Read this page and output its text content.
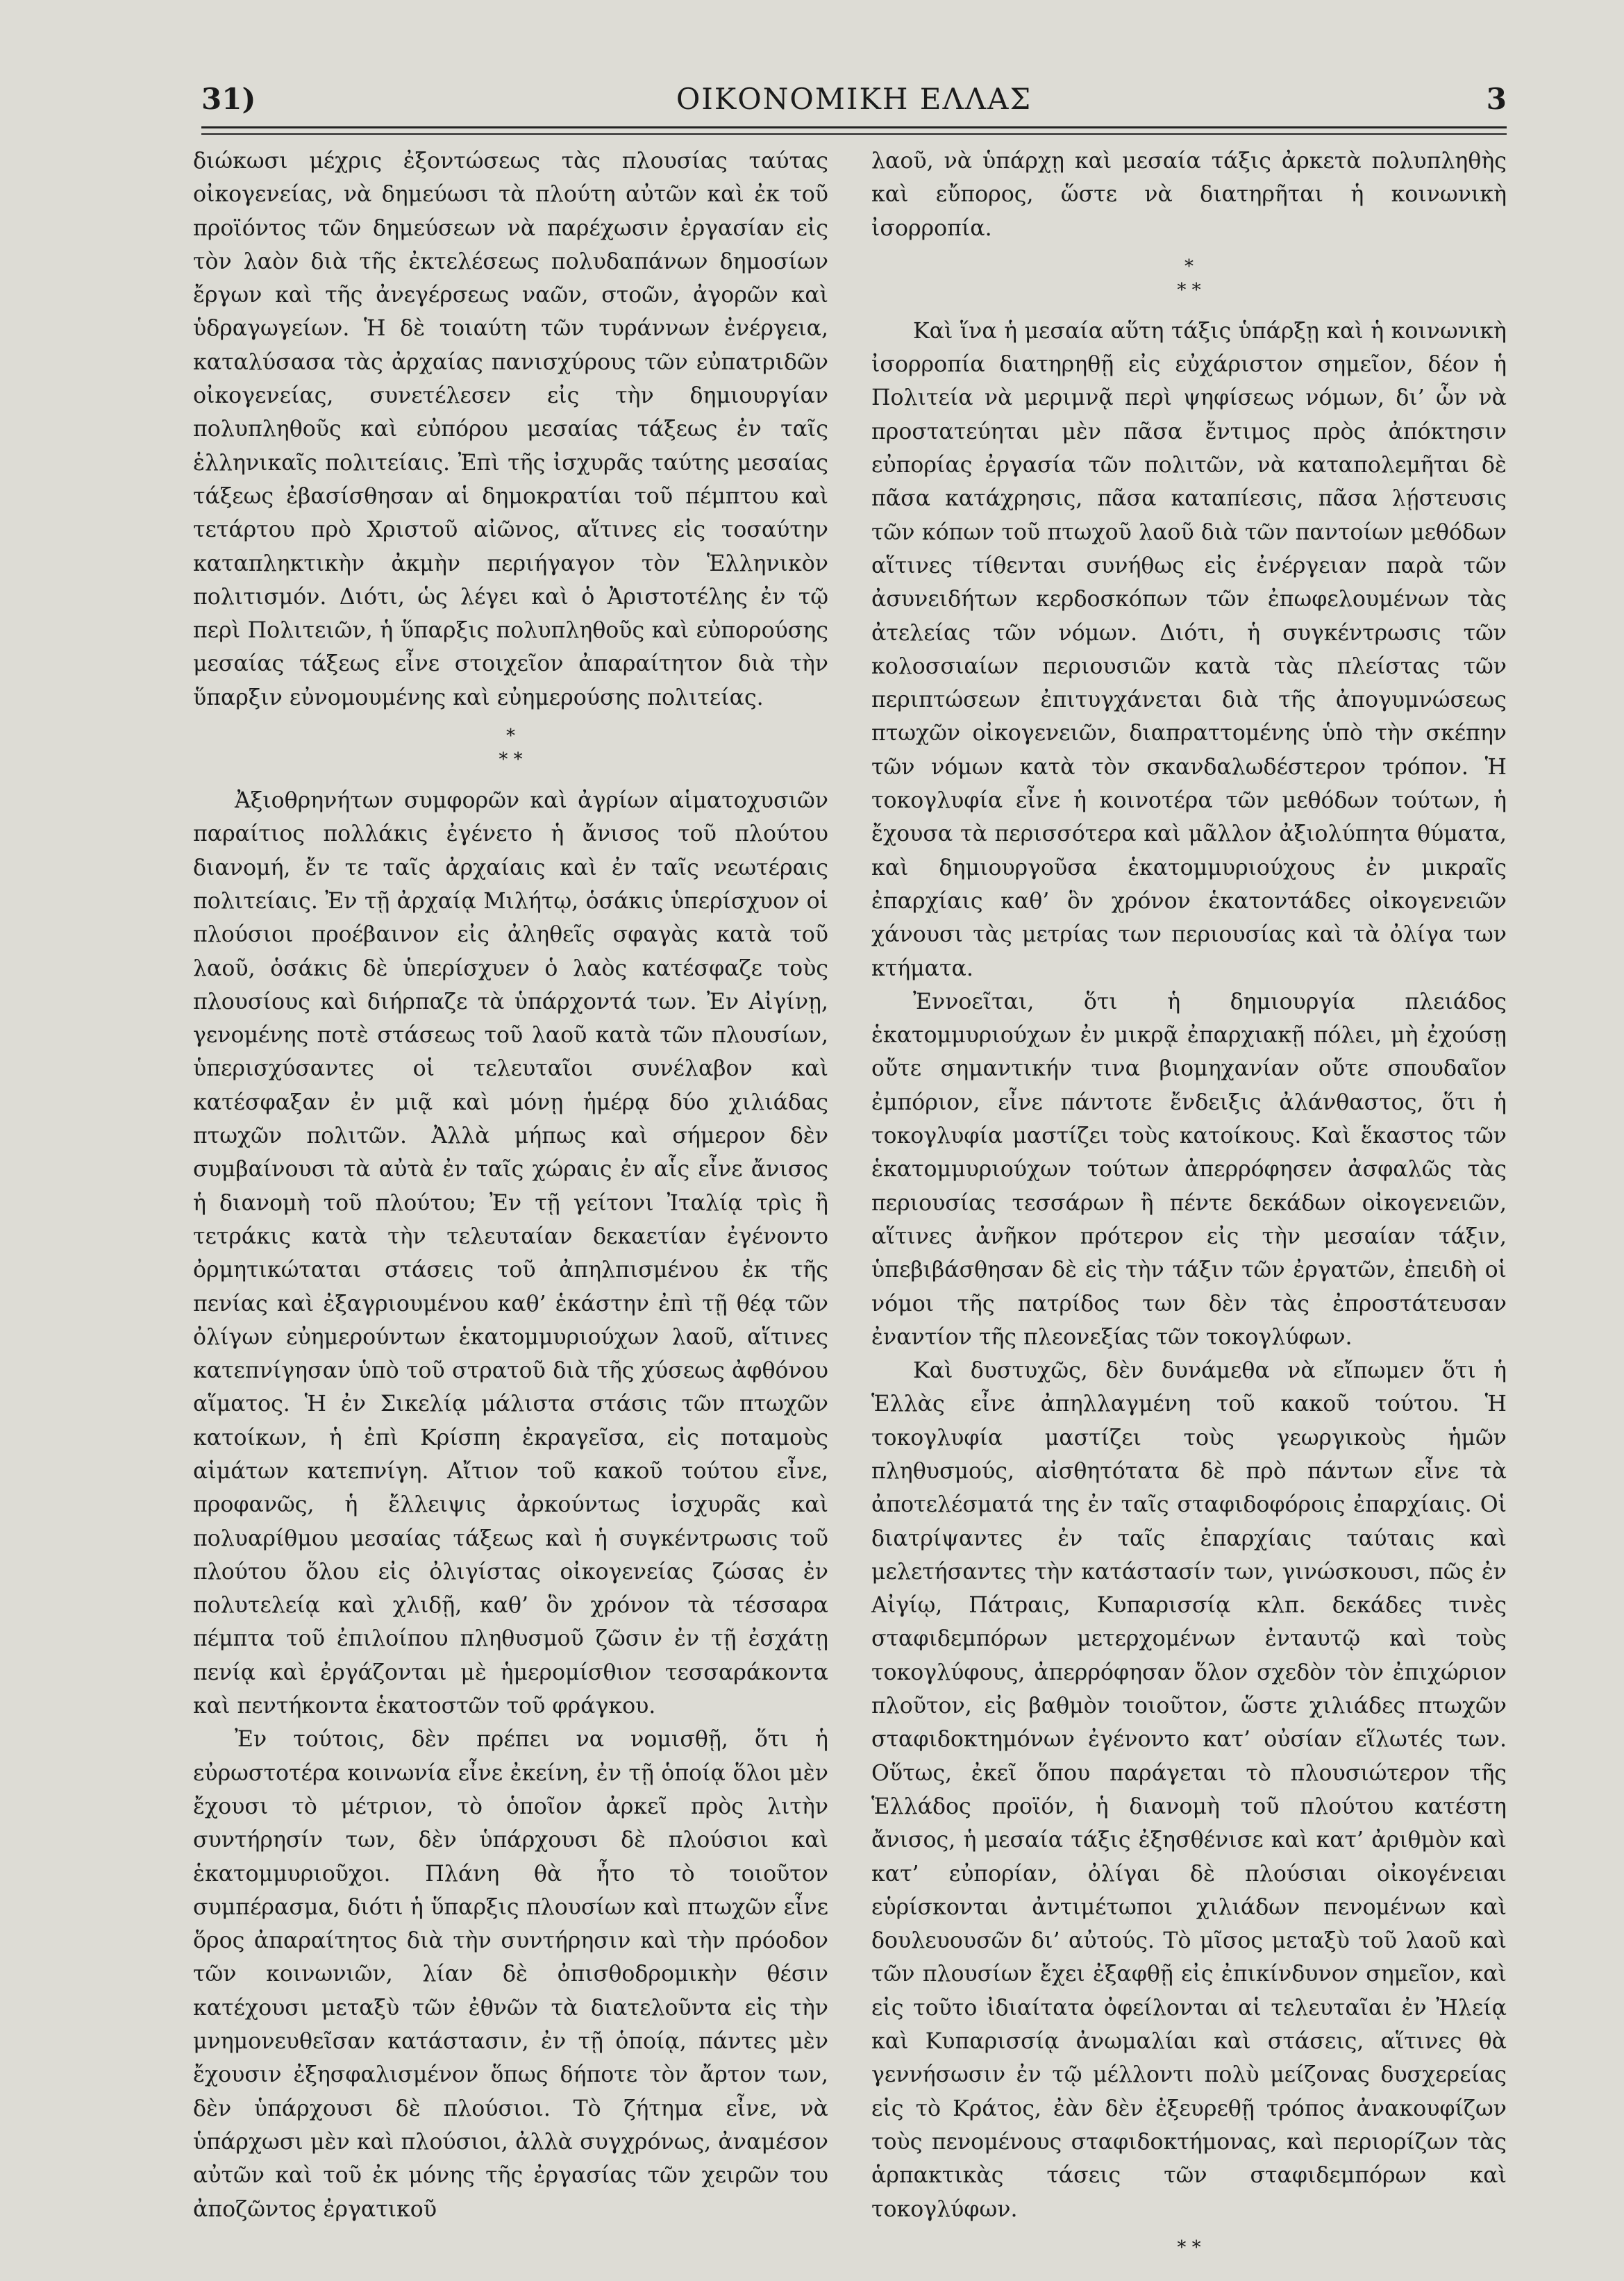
31)	ΟΙΚΟΝΟΜΙΚΗ ΕΛΛΑΣ	3

διώκωσι μέχρις ἐξοντώσεως τὰς πλουσίας ταύτας οἰκογενείας, νὰ δημεύωσι τὰ πλούτη αὐτῶν καὶ ἐκ τοῦ προϊόντος τῶν δημεύσεων νὰ παρέχωσιν ἐργασίαν εἰς τὸν λαὸν διὰ τῆς ἐκτελέσεως πολυδαπάνων δημοσίων ἔργων καὶ τῆς ἀνεγέρσεως ναῶν, στοῶν, ἀγορῶν καὶ ὑδραγωγείων. Ἡ δὲ τοιαύτη τῶν τυράννων ἐνέργεια, καταλύσασα τὰς ἀρχαίας πανισχύρους τῶν εὐπατριδῶν οἰκογενείας, συνετέλεσεν εἰς τὴν δημιουργίαν πολυπληθοῦς καὶ εὐπόρου μεσαίας τάξεως ἐν ταῖς ἑλληνικαῖς πολιτείαις. Ἐπὶ τῆς ἰσχυρᾶς ταύτης μεσαίας τάξεως ἐβασίσθησαν αἱ δημοκρατίαι τοῦ πέμπτου καὶ τετάρτου πρὸ Χριστοῦ αἰῶνος, αἵτινες εἰς τοσαύτην καταπληκτικὴν ἀκμὴν περιήγαγον τὸν Ἑλληνικὸν πολιτισμόν. Διότι, ὡς λέγει καὶ ὁ Ἀριστοτέλης ἐν τῷ περὶ Πολιτειῶν, ἡ ὕπαρξις πολυπληθοῦς καὶ εὐπορούσης μεσαίας τάξεως εἶνε στοιχεῖον ἀπαραίτητον διὰ τὴν ὕπαρξιν εὐνομουμένης καὶ εὐημερούσης πολιτείας.

*
* *

Ἀξιοθρηνήτων συμφορῶν καὶ ἀγρίων αἱματοχυσιῶν παραίτιος πολλάκις ἐγένετο ἡ ἄνισος τοῦ πλούτου διανομή, ἔν τε ταῖς ἀρχαίαις καὶ ἐν ταῖς νεωτέραις πολιτείαις. Ἐν τῇ ἀρχαίᾳ Μιλήτῳ, ὁσάκις ὑπερίσχυον οἱ πλούσιοι προέβαινον εἰς ἀληθεῖς σφαγὰς κατὰ τοῦ λαοῦ, ὁσάκις δὲ ὑπερίσχυεν ὁ λαὸς κατέσφαζε τοὺς πλουσίους καὶ διήρπαζε τὰ ὑπάρχοντά των. Ἐν Αἰγίνῃ, γενομένης ποτὲ στάσεως τοῦ λαοῦ κατὰ τῶν πλουσίων, ὑπερισχύσαντες οἱ τελευταῖοι συνέλαβον καὶ κατέσφαξαν ἐν μιᾷ καὶ μόνῃ ἡμέρᾳ δύο χιλιάδας πτωχῶν πολιτῶν. Ἀλλὰ μήπως καὶ σήμερον δὲν συμβαίνουσι τὰ αὐτὰ ἐν ταῖς χώραις ἐν αἷς εἶνε ἄνισος ἡ διανομὴ τοῦ πλούτου; Ἐν τῇ γείτονι Ἰταλίᾳ τρὶς ἢ τετράκις κατὰ τὴν τελευταίαν δεκαετίαν ἐγένοντο ὀρμητικώταται στάσεις τοῦ ἀπηλπισμένου ἐκ τῆς πενίας καὶ ἐξαγριουμένου καθ’ ἑκάστην ἐπὶ τῇ θέᾳ τῶν ὀλίγων εὐημερούντων ἑκατομμυριούχων λαοῦ, αἵτινες κατεπνίγησαν ὑπὸ τοῦ στρατοῦ διὰ τῆς χύσεως ἀφθόνου αἵματος. Ἡ ἐν Σικελίᾳ μάλιστα στάσις τῶν πτωχῶν κατοίκων, ἡ ἐπὶ Κρίσπη ἐκραγεῖσα, εἰς ποταμοὺς αἱμάτων κατεπνίγη. Αἴτιον τοῦ κακοῦ τούτου εἶνε, προφανῶς, ἡ ἔλλειψις ἀρκούντως ἰσχυρᾶς καὶ πολυαρίθμου μεσαίας τάξεως καὶ ἡ συγκέντρωσις τοῦ πλούτου ὅλου εἰς ὀλιγίστας οἰκογενείας ζώσας ἐν πολυτελείᾳ καὶ χλιδῇ, καθ’ ὃν χρόνον τὰ τέσσαρα πέμπτα τοῦ ἐπιλοίπου πληθυσμοῦ ζῶσιν ἐν τῇ ἐσχάτῃ πενίᾳ καὶ ἐργάζονται μὲ ἡμερομίσθιον τεσσαράκοντα καὶ πεντήκοντα ἑκατοστῶν τοῦ φράγκου.

Ἐν τούτοις, δὲν πρέπει να νομισθῇ, ὅτι ἡ εὐρωστοτέρα κοινωνία εἶνε ἐκείνη, ἐν τῇ ὁποίᾳ ὅλοι μὲν ἔχουσι τὸ μέτριον, τὸ ὁποῖον ἀρκεῖ πρὸς λιτὴν συντήρησίν των, δὲν ὑπάρχουσι δὲ πλούσιοι καὶ ἑκατομμυριοῦχοι. Πλάνη θὰ ἦτο τὸ τοιοῦτον συμπέρασμα, διότι ἡ ὕπαρξις πλουσίων καὶ πτωχῶν εἶνε ὅρος ἀπαραίτητος διὰ τὴν συντήρησιν καὶ τὴν πρόοδον τῶν κοινωνιῶν, λίαν δὲ ὀπισθοδρομικὴν θέσιν κατέχουσι μεταξὺ τῶν ἐθνῶν τὰ διατελοῦντα εἰς τὴν μνημονευθεῖσαν κατάστασιν, ἐν τῇ ὁποίᾳ, πάντες μὲν ἔχουσιν ἐξησφαλισμένον ὅπως δήποτε τὸν ἄρτον των, δὲν ὑπάρχουσι δὲ πλούσιοι. Τὸ ζήτημα εἶνε, νὰ ὑπάρχωσι μὲν καὶ πλούσιοι, ἀλλὰ συγχρόνως, ἀναμέσον αὐτῶν καὶ τοῦ ἐκ μόνης τῆς ἐργασίας τῶν χειρῶν του ἀποζῶντος ἐργατικοῦ

λαοῦ, νὰ ὑπάρχῃ καὶ μεσαία τάξις ἀρκετὰ πολυπληθὴς καὶ εὔπορος, ὥστε νὰ διατηρῆται ἡ κοινωνικὴ ἰσορροπία.

*
* *

Καὶ ἵνα ἡ μεσαία αὕτη τάξις ὑπάρξῃ καὶ ἡ κοινωνικὴ ἰσορροπία διατηρηθῇ εἰς εὐχάριστον σημεῖον, δέον ἡ Πολιτεία νὰ μεριμνᾷ περὶ ψηφίσεως νόμων, δι’ ὧν νὰ προστατεύηται μὲν πᾶσα ἔντιμος πρὸς ἀπόκτησιν εὐπορίας ἐργασία τῶν πολιτῶν, νὰ καταπολεμῆται δὲ πᾶσα κατάχρησις, πᾶσα καταπίεσις, πᾶσα λῄστευσις τῶν κόπων τοῦ πτωχοῦ λαοῦ διὰ τῶν παντοίων μεθόδων αἵτινες τίθενται συνήθως εἰς ἐνέργειαν παρὰ τῶν ἀσυνειδήτων κερδοσκόπων τῶν ἐπωφελουμένων τὰς ἀτελείας τῶν νόμων. Διότι, ἡ συγκέντρωσις τῶν κολοσσιαίων περιουσιῶν κατὰ τὰς πλείστας τῶν περιπτώσεων ἐπιτυγχάνεται διὰ τῆς ἀπογυμνώσεως πτωχῶν οἰκογενειῶν, διαπραττομένης ὑπὸ τὴν σκέπην τῶν νόμων κατὰ τὸν σκανδαλωδέστερον τρόπον. Ἡ τοκογλυφία εἶνε ἡ κοινοτέρα τῶν μεθόδων τούτων, ἡ ἔχουσα τὰ περισσότερα καὶ μᾶλλον ἀξιολύπητα θύματα, καὶ δημιουργοῦσα ἑκατομμυριούχους ἐν μικραῖς ἐπαρχίαις καθ’ ὃν χρόνον ἑκατοντάδες οἰκογενειῶν χάνουσι τὰς μετρίας των περιουσίας καὶ τὰ ὀλίγα των κτήματα.

Ἐννοεῖται, ὅτι ἡ δημιουργία πλειάδος ἑκατομμυριούχων ἐν μικρᾷ ἐπαρχιακῇ πόλει, μὴ ἐχούσῃ οὔτε σημαντικήν τινα βιομηχανίαν οὔτε σπουδαῖον ἐμπόριον, εἶνε πάντοτε ἔνδειξις ἀλάνθαστος, ὅτι ἡ τοκογλυφία μαστίζει τοὺς κατοίκους. Καὶ ἕκαστος τῶν ἑκατομμυριούχων τούτων ἀπερρόφησεν ἀσφαλῶς τὰς περιουσίας τεσσάρων ἢ πέντε δεκάδων οἰκογενειῶν, αἵτινες ἀνῆκον πρότερον εἰς τὴν μεσαίαν τάξιν, ὑπεβιβάσθησαν δὲ εἰς τὴν τάξιν τῶν ἐργατῶν, ἐπειδὴ οἱ νόμοι τῆς πατρίδος των δὲν τὰς ἐπροστάτευσαν ἐναντίον τῆς πλεονεξίας τῶν τοκογλύφων.

Καὶ δυστυχῶς, δὲν δυνάμεθα νὰ εἴπωμεν ὅτι ἡ Ἑλλὰς εἶνε ἀπηλλαγμένη τοῦ κακοῦ τούτου. Ἡ τοκογλυφία μαστίζει τοὺς γεωργικοὺς ἡμῶν πληθυσμούς, αἰσθητότατα δὲ πρὸ πάντων εἶνε τὰ ἀποτελέσματά της ἐν ταῖς σταφιδοφόροις ἐπαρχίαις. Οἱ διατρίψαντες ἐν ταῖς ἐπαρχίαις ταύταις καὶ μελετήσαντες τὴν κατάστασίν των, γινώσκουσι, πῶς ἐν Αἰγίῳ, Πάτραις, Κυπαρισσίᾳ κλπ. δεκάδες τινὲς σταφιδεμπόρων μετερχομένων ἐνταυτῷ καὶ τοὺς τοκογλύφους, ἀπερρόφησαν ὅλον σχεδὸν τὸν ἐπιχώριον πλοῦτον, εἰς βαθμὸν τοιοῦτον, ὥστε χιλιάδες πτωχῶν σταφιδοκτημόνων ἐγένοντο κατ’ οὐσίαν εἵλωτές των. Οὕτως, ἐκεῖ ὅπου παράγεται τὸ πλουσιώτερον τῆς Ἑλλάδος προϊόν, ἡ διανομὴ τοῦ πλούτου κατέστη ἄνισος, ἡ μεσαία τάξις ἐξησθένισε καὶ κατ’ ἀριθμὸν καὶ κατ’ εὐπορίαν, ὀλίγαι δὲ πλούσιαι οἰκογένειαι εὑρίσκονται ἀντιμέτωποι χιλιάδων πενομένων καὶ δουλευουσῶν δι’ αὐτούς. Τὸ μῖσος μεταξὺ τοῦ λαοῦ καὶ τῶν πλουσίων ἔχει ἐξαφθῇ εἰς ἐπικίνδυνον σημεῖον, καὶ εἰς τοῦτο ἰδιαίτατα ὀφείλονται αἱ τελευταῖαι ἐν Ἠλείᾳ καὶ Κυπαρισσίᾳ ἀνωμαλίαι καὶ στάσεις, αἵτινες θὰ γεννήσωσιν ἐν τῷ μέλλοντι πολὺ μείζονας δυσχερείας εἰς τὸ Κράτος, ἐὰν δὲν ἐξευρεθῇ τρόπος ἀνακουφίζων τοὺς πενομένους σταφιδοκτήμονας, καὶ περιορίζων τὰς ἁρπακτικὰς τάσεις τῶν σταφιδεμπόρων καὶ τοκογλύφων.

* *
